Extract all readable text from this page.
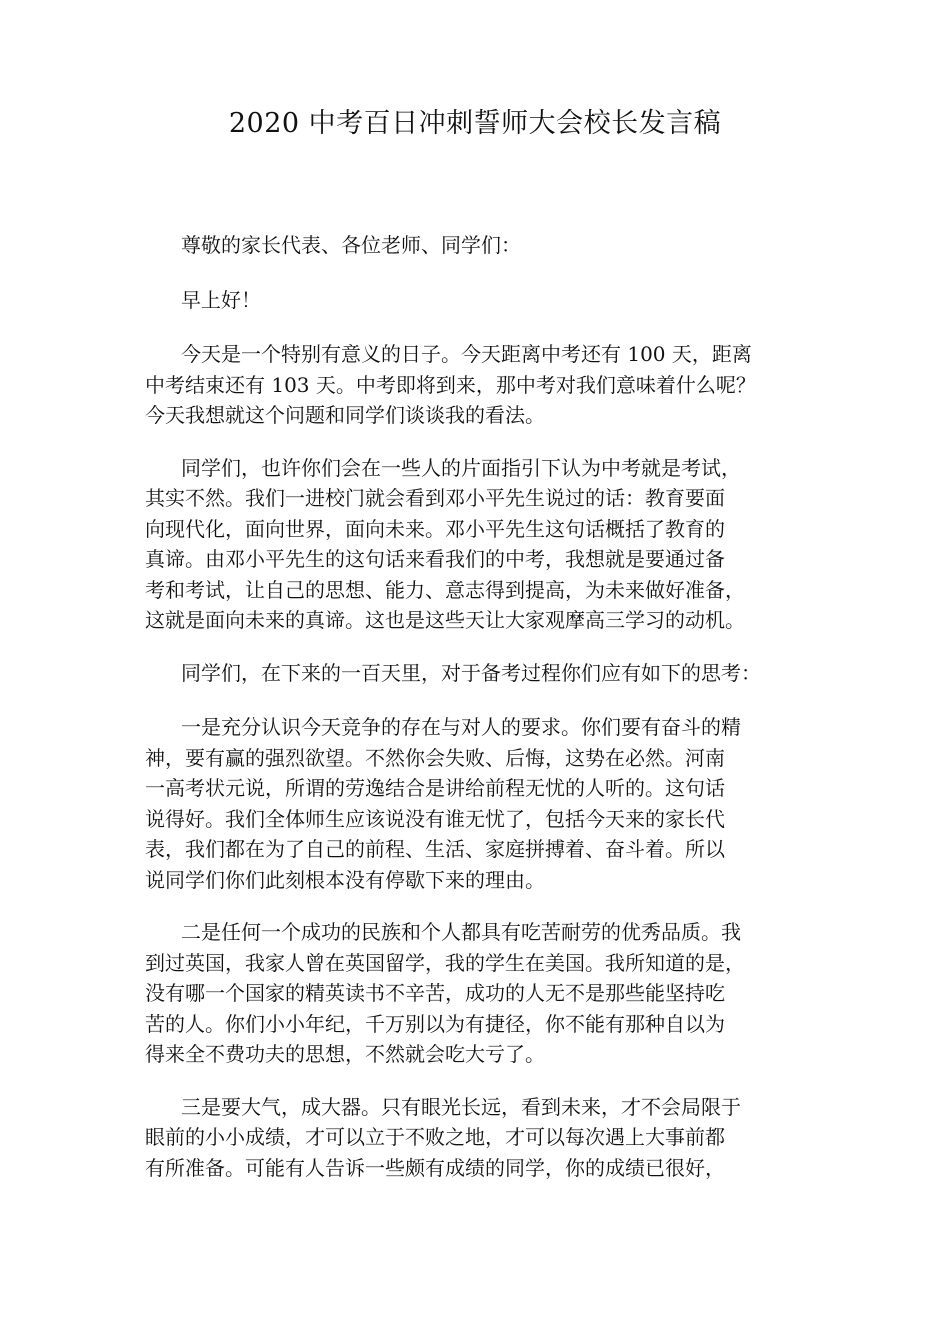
2020 中考百日冲刺誓师大会校长发言稿
尊敬的家长代表、各位老师、同学们：
早上好！
今天是一个特别有意义的日子。今天距离中考还有 100 天，距离
中考结束还有 103 天。中考即将到来，那中考对我们意味着什么呢？
今天我想就这个问题和同学们谈谈我的看法。
同学们，也许你们会在一些人的片面指引下认为中考就是考试，
其实不然。我们一进校门就会看到邓小平先生说过的话：教育要面
向现代化，面向世界，面向未来。邓小平先生这句话概括了教育的
真谛。由邓小平先生的这句话来看我们的中考，我想就是要通过备
考和考试，让自己的思想、能力、意志得到提高，为未来做好准备，
这就是面向未来的真谛。这也是这些天让大家观摩高三学习的动机。
同学们，在下来的一百天里，对于备考过程你们应有如下的思考：
一是充分认识今天竞争的存在与对人的要求。你们要有奋斗的精
神，要有赢的强烈欲望。不然你会失败、后悔，这势在必然。河南
一高考状元说，所谓的劳逸结合是讲给前程无忧的人听的。这句话
说得好。我们全体师生应该说没有谁无忧了，包括今天来的家长代
表，我们都在为了自己的前程、生活、家庭拼搏着、奋斗着。所以
说同学们你们此刻根本没有停歇下来的理由。
二是任何一个成功的民族和个人都具有吃苦耐劳的优秀品质。我
到过英国，我家人曾在英国留学，我的学生在美国。我所知道的是，
没有哪一个国家的精英读书不辛苦，成功的人无不是那些能坚持吃
苦的人。你们小小年纪，千万别以为有捷径，你不能有那种自以为
得来全不费功夫的思想，不然就会吃大亏了。
三是要大气，成大器。只有眼光长远，看到未来，才不会局限于
眼前的小小成绩，才可以立于不败之地，才可以每次遇上大事前都
有所准备。可能有人告诉一些颇有成绩的同学，你的成绩已很好，
